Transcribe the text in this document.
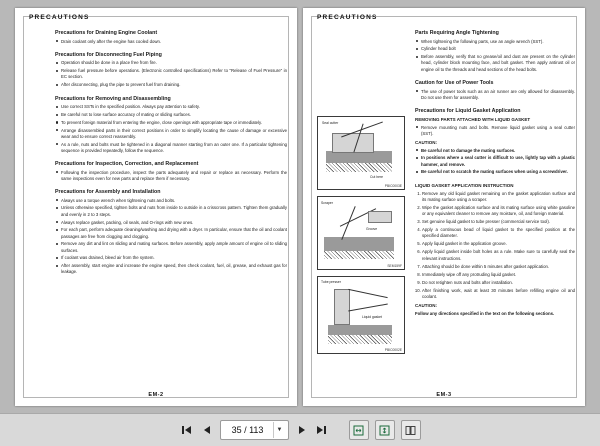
PRECAUTIONS
Precautions for Draining Engine Coolant
Drain coolant only after the engine has cooled down.
Precautions for Disconnecting Fuel Piping
Operation should be done in a place free from fire.
Release fuel pressure before operations. (Electronic controlled specifications) Refer to "Release of Fuel Pressure" in EC section.
After disconnecting, plug the pipe to prevent fuel from draining.
Precautions for Removing and Disassembling
Use correct SSTs in the specified position. Always pay attention to safety.
Be careful not to lose surface accuracy of mating or sliding surfaces.
To prevent foreign material from entering the engine, close openings with appropriate tape or immediately.
Arrange disassembled parts in their correct positions in order to simplify locating the cause of damage or excessive wear and to ensure correct reassembly.
As a rule, nuts and bolts must be tightened in a diagonal manner starting from an outer one. If a particular tightening sequence is provided repeatedly, follow the sequence.
Precautions for Inspection, Correction, and Replacement
Following the inspection procedure, inspect the parts adequately and repair or replace as necessary. Perform the same inspections even for new parts and replace them if necessary.
Precautions for Assembly and Installation
Always use a torque wrench when tightening nuts and bolts.
Unless otherwise specified, tighten bolts and nuts from inside to outside in a crisscross pattern. Tighten them gradually and evenly in 2 to 3 steps.
Always replace gasket, packing, oil seals, and O-rings with new ones.
For each part, perform adequate cleaning/washing and drying with a dryer. In particular, ensure that the oil and coolant passages are free from clogging and clogging.
Remove any dirt and lint on sliding and mating surfaces. Before assembly, apply ample amount of engine oil to sliding surfaces.
If coolant was drained, bleed air from the system.
After assembly, start engine and increase the engine speed, then check coolant, fuel, oil, grease, and exhaust gas for leakage.
EM-2
PRECAUTIONS
Seal cutter
Cut here
PBIC0003E
Scraper
Groove
SEM159F
Tube presser
Liquid gasket
PBIC0002E
Parts Requiring Angle Tightening
When tightening the following parts, use an angle wrench (SST).
Cylinder head bolt
Before assembly, verify that no grease/oil and dust are present on the cylinder head, cylinder block mounting face, and bolt gasket. Then apply antirust oil or engine oil to the threads and head sections of the head bolts.
Caution for Use of Power Tools
The use of power tools such as an air runner are only allowed for disassembly. Do not use them for assembly.
Precautions for Liquid Gasket Application
REMOVING PARTS ATTACHED WITH LIQUID GASKET
Remove mounting nuts and bolts. Remove liquid gasket using a seal cutter (SST).
CAUTION:
Be careful not to damage the mating surfaces.
In positions where a seal cutter is difficult to use, lightly tap with a plastic hammer, and remove.
Be careful not to scratch the mating surfaces when using a screwdriver.
LIQUID GASKET APPLICATION INSTRUCTION
1. Remove any old liquid gasket remaining on the gasket application surface and its mating surface using a scraper.
2. Wipe the gasket application surface and its mating surface using white gasoline or any equivalent cleaner to remove any moisture, oil, and foreign material.
3. Set genuine liquid gasket to tube presser (commercial service tool).
4. Apply a continuous bead of liquid gasket to the specified position at the specified diameter.
5. Apply liquid gasket in the application groove.
6. Apply liquid gasket inside bolt holes as a rule. Make sure to carefully seal the relevant instructions.
7. Attaching should be done within 5 minutes after gasket application.
8. Immediately wipe off any protruding liquid gasket.
9. Do not retighten nuts and bolts after installation.
10. After finishing work, wait at least 30 minutes before refilling engine oil and coolant.
CAUTION:
Follow any directions specified in the text on the following sections.
EM-3
35 / 113
▼
